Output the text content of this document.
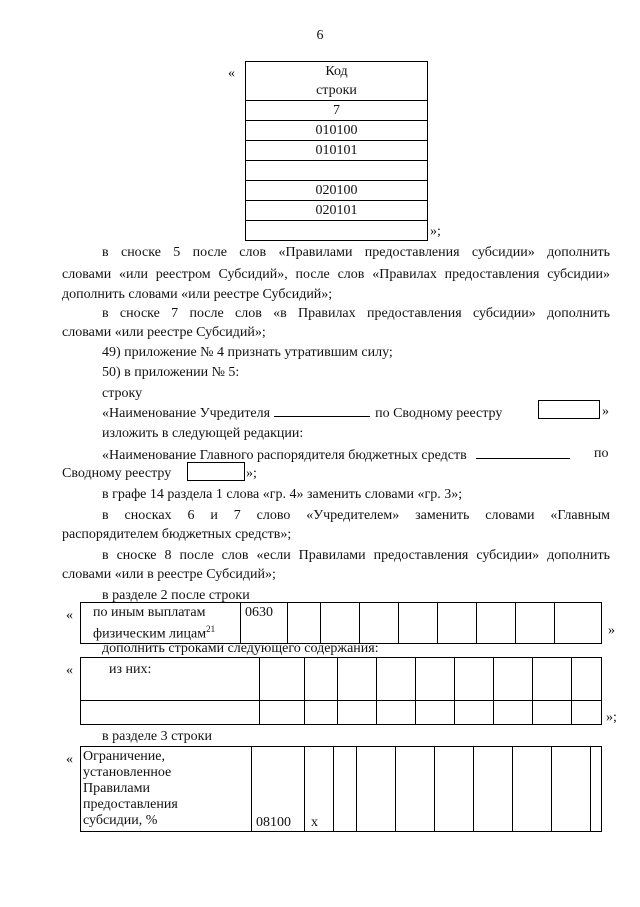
6
«	Код
строки
7
010100
010101

020100
020101

»;
в сноске 5 после слов «Правилами предоставления субсидии» дополнить
словами «или реестром Субсидий», после слов «Правилах предоставления субсидии»
дополнить словами «или реестре Субсидий»;
в сноске 7 после слов «в Правилах предоставления субсидии» дополнить
словами «или реестре Субсидий»;
49) приложение № 4 признать утратившим силу;
50) в приложении № 5:
строку
«Наименование Учредителя	по Сводному реестру	»
изложить в следующей редакции:
«Наименование Главного распорядителя бюджетных средств	по
Сводному реестру	»;
в графе 14 раздела 1 слова «гр. 4» заменить словами «гр. 3»;
в сносках 6 и 7 слово «Учредителем» заменить словами «Главным
распорядителем бюджетных средств»;
в сноске 8 после слов «если Правилами предоставления субсидии» дополнить
словами «или в реестре Субсидий»;
в разделе 2 после строки
« по иным выплатам
физическим лицам$^{21}$	0630								
»
дополнить строками следующего содержания:
«	из них:									

»;
в разделе 3 строки
« Ограничение,
установленное
Правилами
предоставления
субсидии, %	08100	x								
